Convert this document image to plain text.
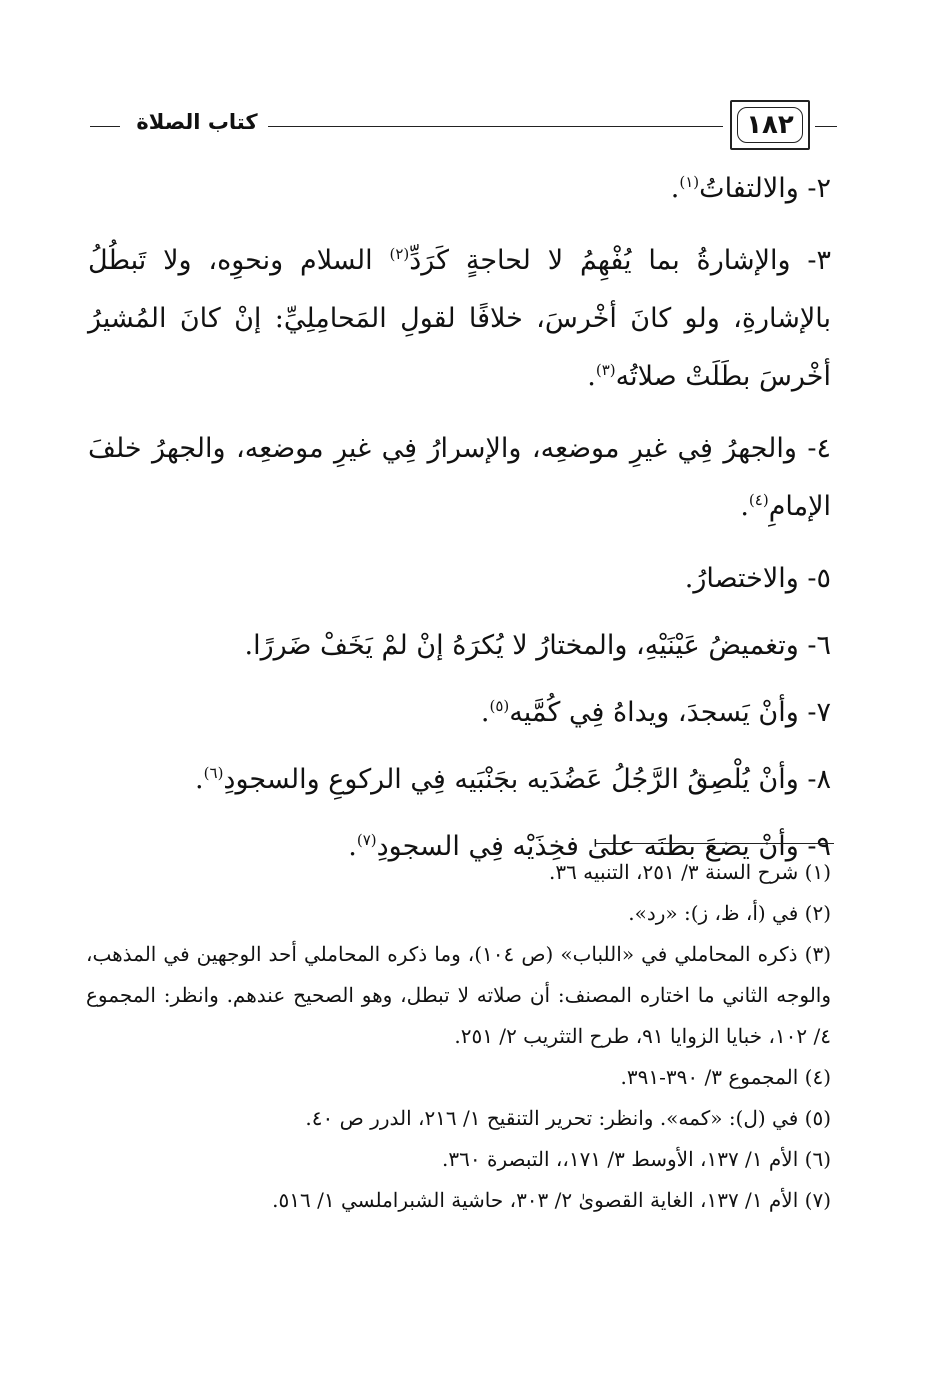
كتاب الصلاة	١٨٢

٢- والالتفاتُ$^{(١)}$.

٣- والإشارةُ بما يُفْهِمُ لا لحاجةٍ كَرَدِّ$^{(٢)}$ السلام ونحوِه، ولا تَبطُلُ بالإشارةِ، ولو كانَ أخْرسَ، خلافًا لقولِ المَحامِلِيِّ: إنْ كانَ المُشيرُ أخْرسَ بطَلَتْ صلاتُه$^{(٣)}$.

٤- والجهرُ فِي غيرِ موضعِه، والإسرارُ فِي غيرِ موضعِه، والجهرُ خلفَ الإمامِ$^{(٤)}$.

٥- والاختصارُ.

٦- وتغميضُ عَيْنَيْهِ، والمختارُ لا يُكرَهُ إنْ لمْ يَخَفْ ضَررًا.

٧- وأنْ يَسجدَ، ويداهُ فِي كُمَّيه$^{(٥)}$.

٨- وأنْ يُلْصِقُ الرَّجُلُ عَضُدَيه بجَنْبَيه فِي الركوعِ والسجودِ$^{(٦)}$.

٩- وأنْ يضعَ بطنَه علىٰ فخِذَيْه فِي السجودِ$^{(٧)}$.

(١) شرح السنة ٣/ ٢٥١، التنبيه ٣٦.

(٢) في (أ، ظ، ز): «رد».

(٣) ذكره المحاملي في «اللباب» (ص ١٠٤)، وما ذكره المحاملي أحد الوجهين في المذهب، والوجه الثاني ما اختاره المصنف: أن صلاته لا تبطل، وهو الصحيح عندهم. وانظر: المجموع ٤/ ١٠٢، خبايا الزوايا ٩١، طرح التثريب ٢/ ٢٥١.

(٤) المجموع ٣/ ٣٩٠-٣٩١.

(٥) في (ل): «كمه». وانظر: تحرير التنقيح ١/ ٢١٦، الدرر ص ٤٠.

(٦) الأم ١/ ١٣٧، الأوسط ٣/ ١٧١،، التبصرة ٣٦٠.

(٧) الأم ١/ ١٣٧، الغاية القصوىٰ ٢/ ٣٠٣، حاشية الشبراملسي ١/ ٥١٦.
